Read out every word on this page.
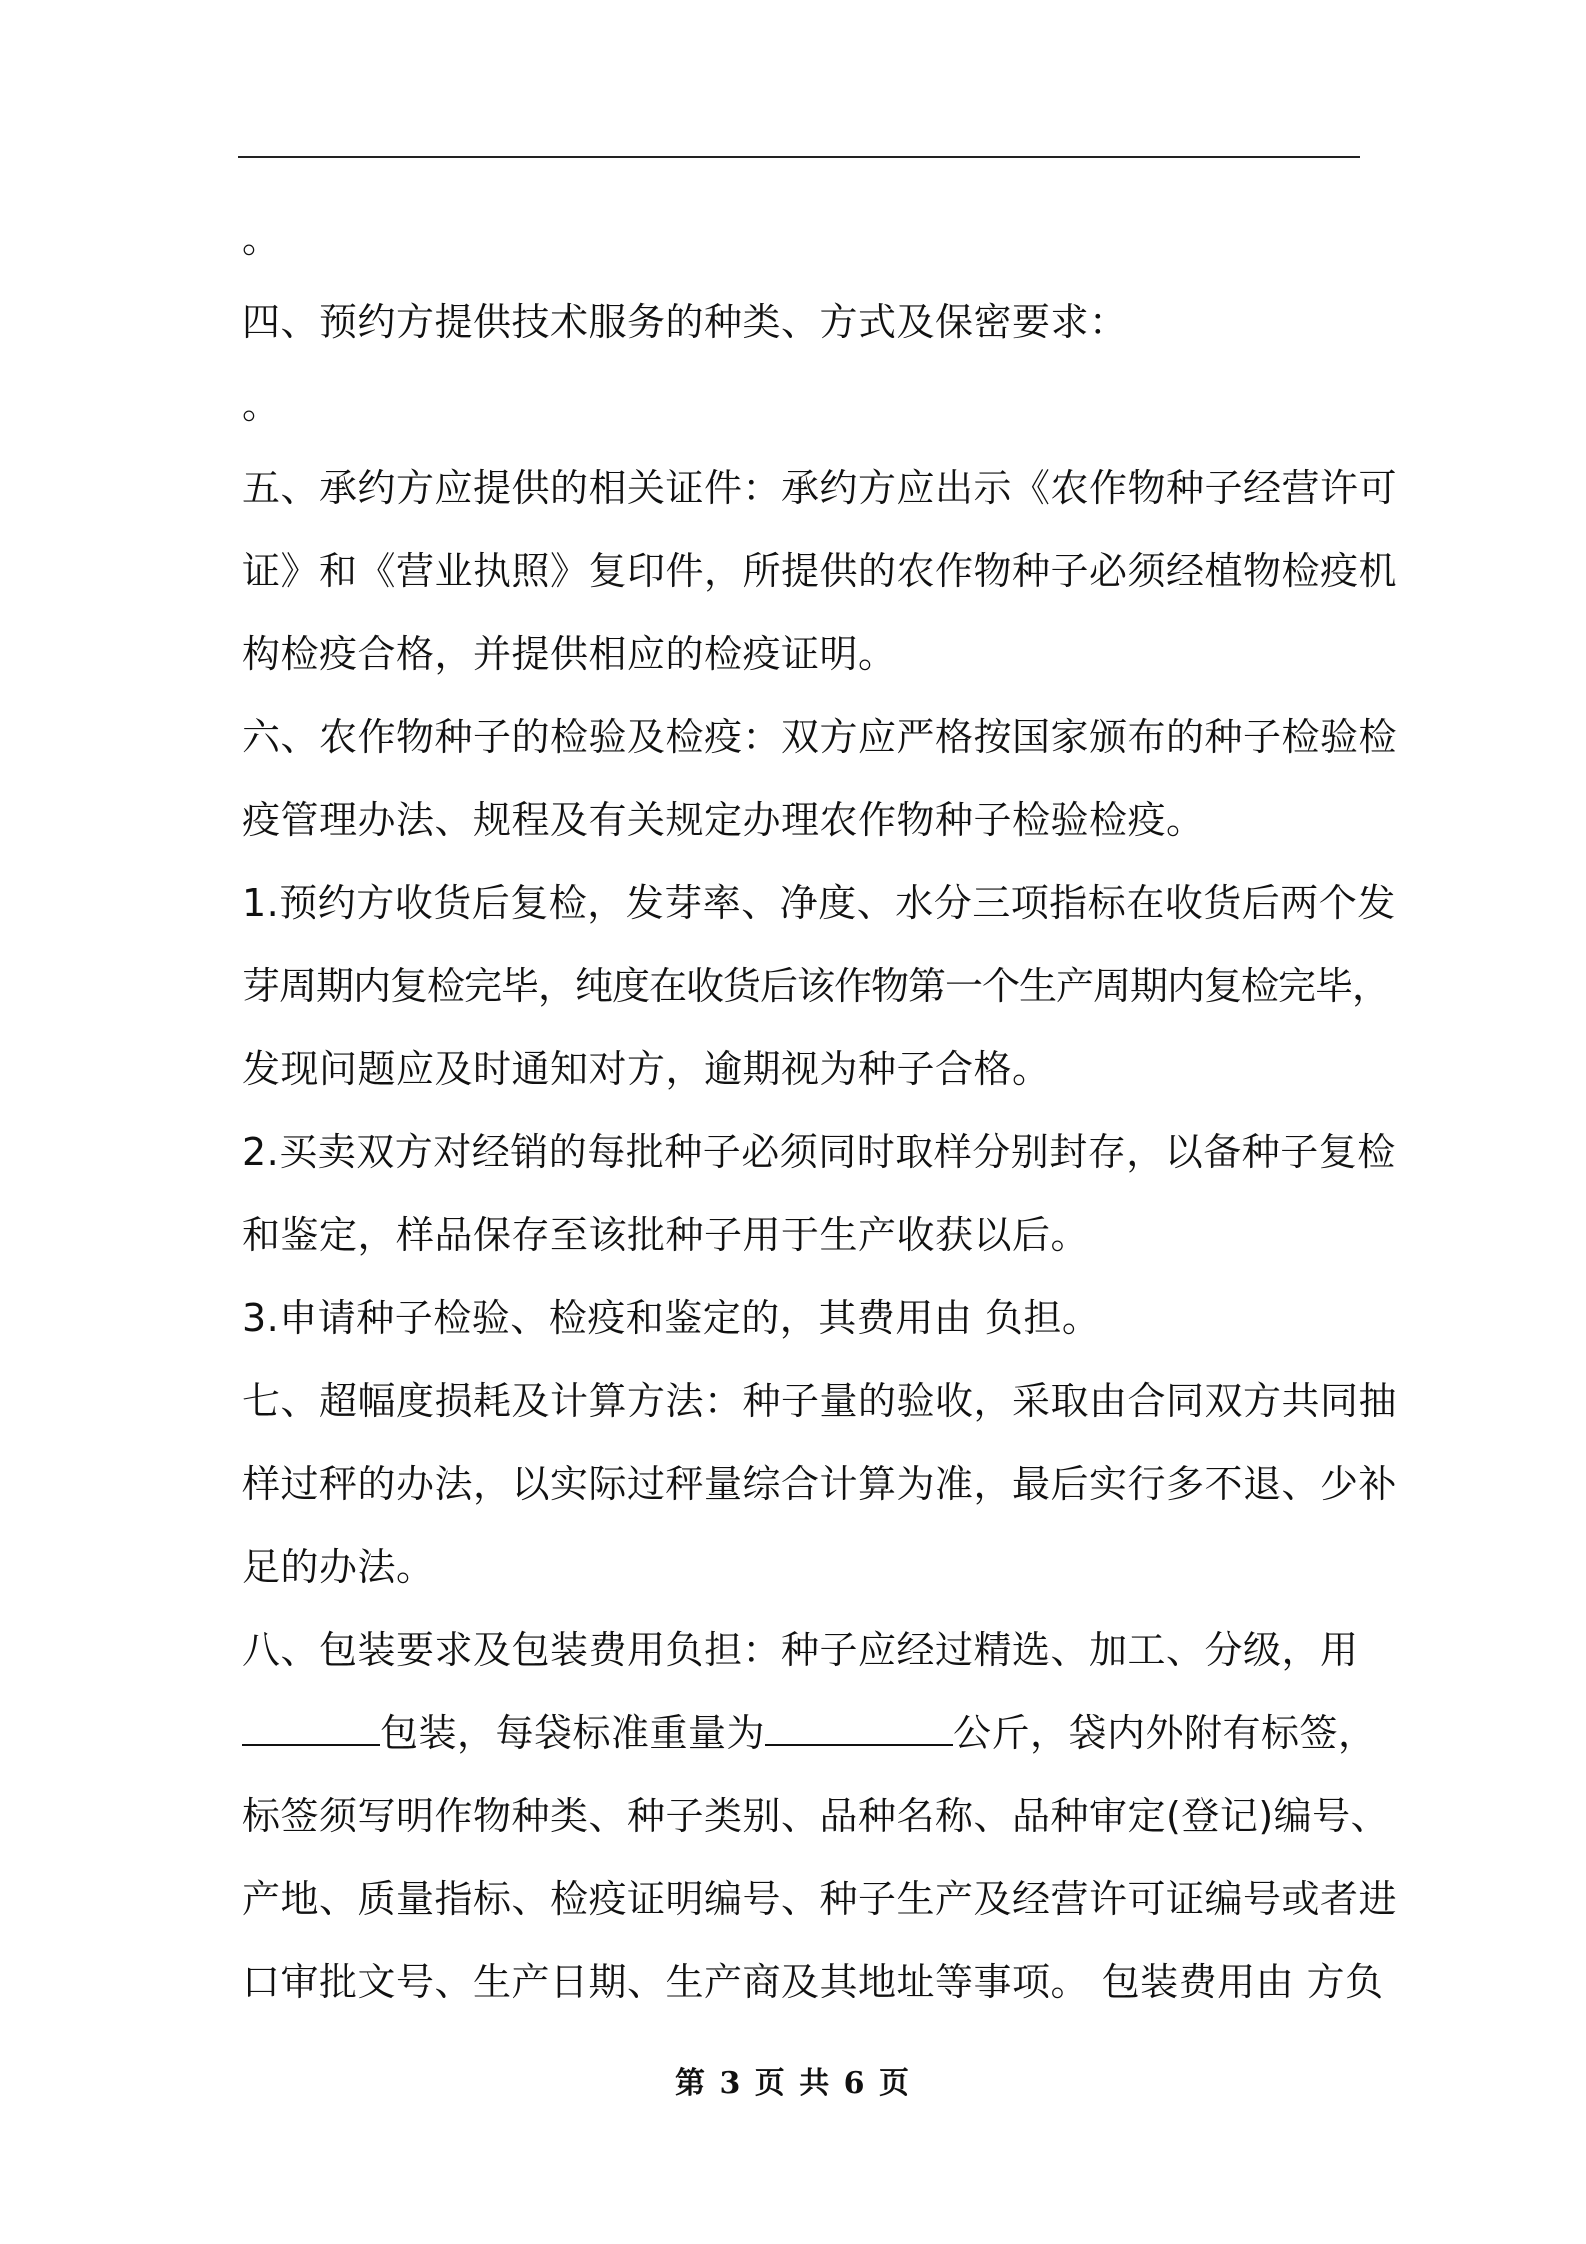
。
四、预约方提供技术服务的种类、方式及保密要求：
。
五、承约方应提供的相关证件：承约方应出示《农作物种子经营许可
证》和《营业执照》复印件，所提供的农作物种子必须经植物检疫机
构检疫合格，并提供相应的检疫证明。
六、农作物种子的检验及检疫：双方应严格按国家颁布的种子检验检
疫管理办法、规程及有关规定办理农作物种子检验检疫。
1.预约方收货后复检，发芽率、净度、水分三项指标在收货后两个发
芽周期内复检完毕，纯度在收货后该作物第一个生产周期内复检完毕，
发现问题应及时通知对方，逾期视为种子合格。
2.买卖双方对经销的每批种子必须同时取样分别封存，以备种子复检
和鉴定，样品保存至该批种子用于生产收获以后。
3.申请种子检验、检疫和鉴定的，其费用由 负担。
七、超幅度损耗及计算方法：种子量的验收，采取由合同双方共同抽
样过秤的办法，以实际过秤量综合计算为准，最后实行多不退、少补
足的办法。
八、包装要求及包装费用负担：种子应经过精选、加工、分级，用
包装，每袋标准重量为	公斤，袋内外附有标签，
标签须写明作物种类、种子类别、品种名称、品种审定(登记)编号、
产地、质量指标、检疫证明编号、种子生产及经营许可证编号或者进
口审批文号、生产日期、生产商及其地址等事项。 包装费用由 方负
第 3 页 共 6 页
